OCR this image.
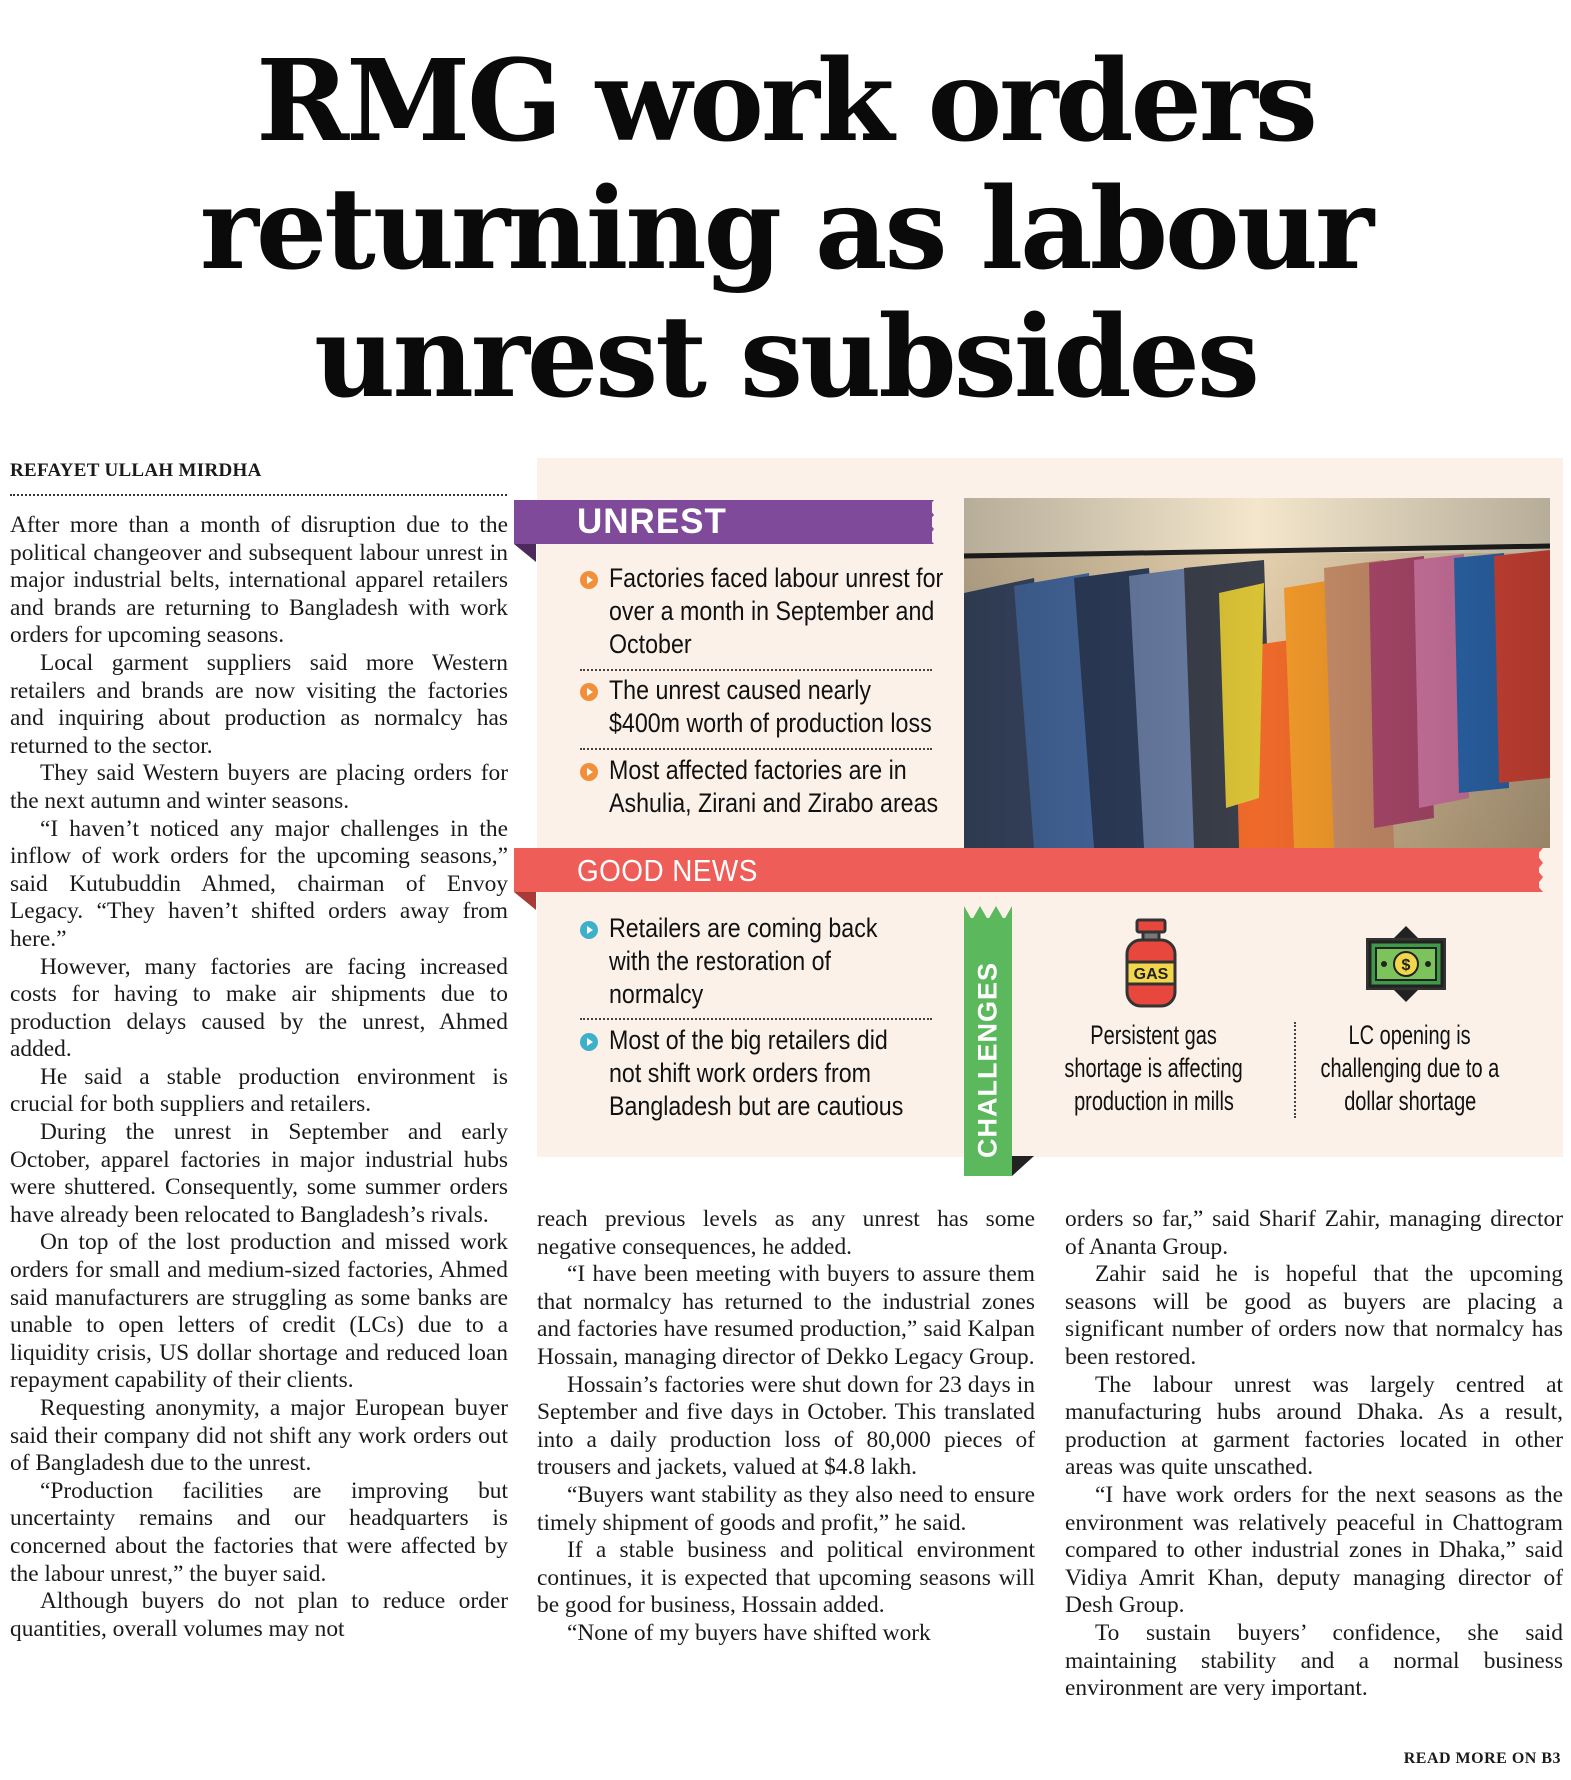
RMG work orders
returning as labour
unrest subsides
REFAYET ULLAH MIRDHA
UNREST
Factories faced labour unrest for
over a month in September and
October
The unrest caused nearly
$400m worth of production loss
Most affected factories are in
Ashulia, Zirani and Zirabo areas
GOOD NEWS
Retailers are coming back
with the restoration of
normalcy
Most of the big retailers did
not shift work orders from
Bangladesh but are cautious	CHALLENGES	GAS
$
Persistent gas
shortage is affecting
production in mills
LC opening is
challenging due to a
dollar shortage

After more than a month of disruption due to the political changeover and subsequent labour unrest in major industrial belts, international apparel retailers and brands are returning to Bangladesh with work orders for upcoming seasons.

Local garment suppliers said more Western retailers and brands are now visiting the factories and inquiring about production as normalcy has returned to the sector.

They said Western buyers are placing orders for the next autumn and winter seasons.

“I haven’t noticed any major challenges in the inflow of work orders for the upcoming seasons,” said Kutubuddin Ahmed, chairman of Envoy Legacy. “They haven’t shifted orders away from here.”

However, many factories are facing increased costs for having to make air shipments due to production delays caused by the unrest, Ahmed added.

He said a stable production environment is crucial for both suppliers and retailers.

During the unrest in September and early October, apparel factories in major industrial hubs were shuttered. Consequently, some summer orders have already been relocated to Bangladesh’s rivals.

On top of the lost production and missed work orders for small and medium-sized factories, Ahmed said manufacturers are struggling as some banks are unable to open letters of credit (LCs) due to a liquidity crisis, US dollar shortage and reduced loan repayment capability of their clients.

Requesting anonymity, a major European buyer said their company did not shift any work orders out of Bangladesh due to the unrest.

“Production facilities are improving but uncertainty remains and our headquarters is concerned about the factories that were affected by the labour unrest,” the buyer said.

Although buyers do not plan to reduce order quantities, overall volumes may not

reach previous levels as any unrest has some negative consequences, he added.

“I have been meeting with buyers to assure them that normalcy has returned to the industrial zones and factories have resumed production,” said Kalpan Hossain, managing director of Dekko Legacy Group.

Hossain’s factories were shut down for 23 days in September and five days in October. This translated into a daily production loss of 80,000 pieces of trousers and jackets, valued at $4.8 lakh.

“Buyers want stability as they also need to ensure timely shipment of goods and profit,” he said.

If a stable business and political environment continues, it is expected that upcoming seasons will be good for business, Hossain added.

“None of my buyers have shifted work

orders so far,” said Sharif Zahir, managing director of Ananta Group.

Zahir said he is hopeful that the upcoming seasons will be good as buyers are placing a significant number of orders now that normalcy has been restored.

The labour unrest was largely centred at manufacturing hubs around Dhaka. As a result, production at garment factories located in other areas was quite unscathed.

“I have work orders for the next seasons as the environment was relatively peaceful in Chattogram compared to other industrial zones in Dhaka,” said Vidiya Amrit Khan, deputy managing director of Desh Group.

To sustain buyers’ confidence, she said maintaining stability and a normal business environment are very important.

READ MORE ON B3
